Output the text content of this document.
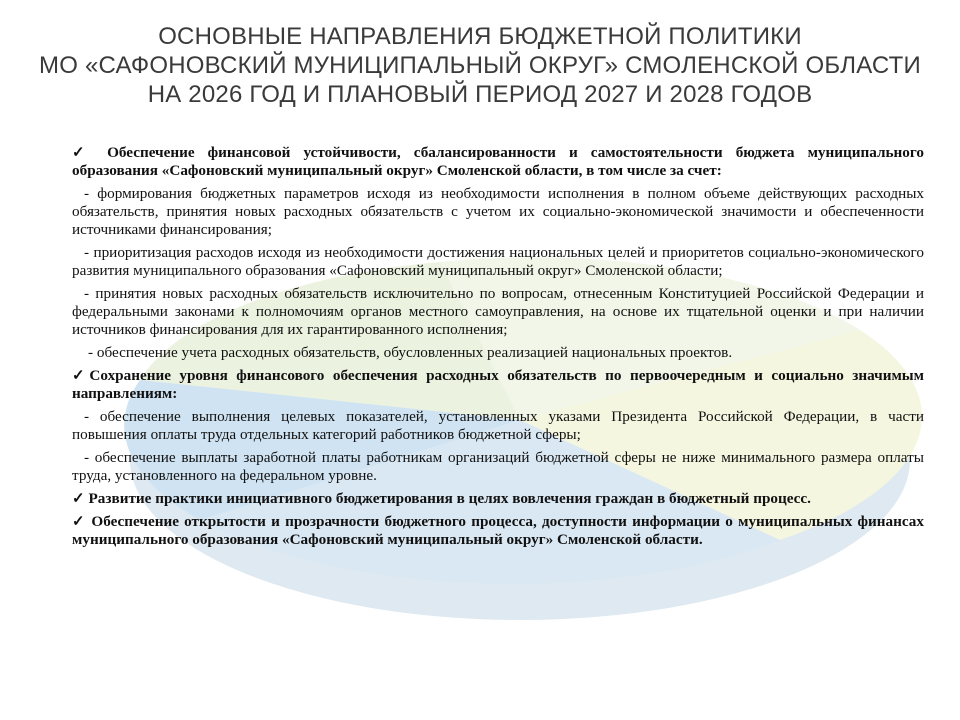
ОСНОВНЫЕ НАПРАВЛЕНИЯ БЮДЖЕТНОЙ ПОЛИТИКИ
МО «САФОНОВСКИЙ МУНИЦИПАЛЬНЫЙ ОКРУГ» СМОЛЕНСКОЙ ОБЛАСТИ
НА 2026 ГОД И ПЛАНОВЫЙ ПЕРИОД 2027 И 2028 ГОДОВ

✓ Обеспечение финансовой устойчивости, сбалансированности и самостоятельности бюджета муниципального образования «Сафоновский муниципальный округ» Смоленской области, в том числе за счет:

- формирования бюджетных параметров исходя из необходимости исполнения в полном объеме действующих расходных обязательств, принятия новых расходных обязательств с учетом их социально-экономической значимости и обеспеченности источниками финансирования;

- приоритизация расходов исходя из необходимости достижения национальных целей и приоритетов социально-экономического развития муниципального образования «Сафоновский муниципальный округ» Смоленской области;

- принятия новых расходных обязательств исключительно по вопросам, отнесенным Конституцией Российской Федерации и федеральными законами к полномочиям органов местного самоуправления, на основе их тщательной оценки и при наличии источников финансирования для их гарантированного исполнения;

- обеспечение учета расходных обязательств, обусловленных реализацией национальных проектов.

✓Сохранение уровня финансового обеспечения расходных обязательств по первоочередным и социально значимым направлениям:

- обеспечение выполнения целевых показателей, установленных указами Президента Российской Федерации, в части повышения оплаты труда отдельных категорий работников бюджетной сферы;

- обеспечение выплаты заработной платы работникам организаций бюджетной сферы не ниже минимального размера оплаты труда, установленного на федеральном уровне.

✓ Развитие практики инициативного бюджетирования в целях вовлечения граждан в бюджетный процесс.

✓ Обеспечение открытости и прозрачности бюджетного процесса, доступности информации о муниципальных финансах муниципального образования «Сафоновский муниципальный округ» Смоленской области.
